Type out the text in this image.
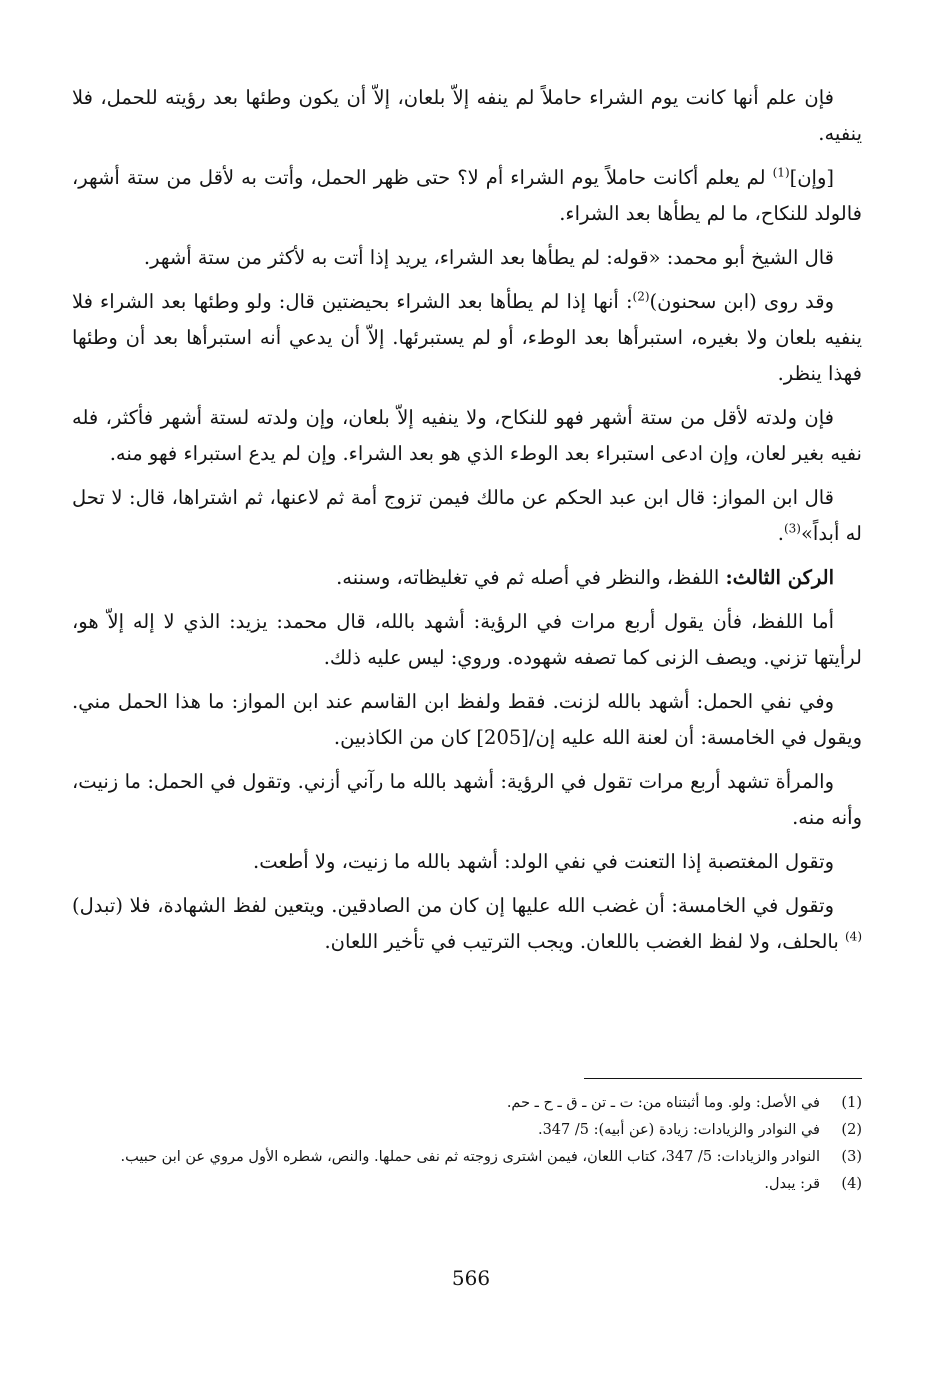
فإن علم أنها كانت يوم الشراء حاملاً لم ينفه إلاّ بلعان، إلاّ أن يكون وطئها بعد رؤيته للحمل، فلا ينفيه.

[وإن]$^{(1)}$ لم يعلم أكانت حاملاً يوم الشراء أم لا؟ حتى ظهر الحمل، وأتت به لأقل من ستة أشهر، فالولد للنكاح، ما لم يطأها بعد الشراء.

قال الشيخ أبو محمد: «قوله: لم يطأها بعد الشراء، يريد إذا أتت به لأكثر من ستة أشهر.

وقد روى (ابن سحنون)$^{(2)}$: أنها إذا لم يطأها بعد الشراء بحيضتين قال: ولو وطئها بعد الشراء فلا ينفيه بلعان ولا بغيره، استبرأها بعد الوطء، أو لم يستبرئها. إلاّ أن يدعي أنه استبرأها بعد أن وطئها فهذا ينظر.

فإن ولدته لأقل من ستة أشهر فهو للنكاح، ولا ينفيه إلاّ بلعان، وإن ولدته لستة أشهر فأكثر، فله نفيه بغير لعان، وإن ادعى استبراء بعد الوطء الذي هو بعد الشراء. وإن لم يدع استبراء فهو منه.

قال ابن المواز: قال ابن عبد الحكم عن مالك فيمن تزوج أمة ثم لاعنها، ثم اشتراها، قال: لا تحل له أبداً»$^{(3)}$.

الركن الثالث: اللفظ، والنظر في أصله ثم في تغليظاته، وسننه.

أما اللفظ، فأن يقول أربع مرات في الرؤية: أشهد بالله، قال محمد: يزيد: الذي لا إله إلاّ هو، لرأيتها تزني. ويصف الزنى كما تصفه شهوده. وروي: ليس عليه ذلك.

وفي نفي الحمل: أشهد بالله لزنت. فقط ولفظ ابن القاسم عند ابن المواز: ما هذا الحمل مني. ويقول في الخامسة: أن لعنة الله عليه إن/[205] كان من الكاذبين.

والمرأة تشهد أربع مرات تقول في الرؤية: أشهد بالله ما رآني أزني. وتقول في الحمل: ما زنيت، وأنه منه.

وتقول المغتصبة إذا التعنت في نفي الولد: أشهد بالله ما زنيت، ولا أطعت.

وتقول في الخامسة: أن غضب الله عليها إن كان من الصادقين. ويتعين لفظ الشهادة، فلا (تبدل)$^{(4)}$ بالحلف، ولا لفظ الغضب باللعان. ويجب الترتيب في تأخير اللعان.

(1)
في الأصل: ولو. وما أثبتناه من: ت ـ تن ـ ق ـ ح ـ حم.
(2)
في النوادر والزيادات: زيادة (عن أبيه): 5/ 347.
(3)
النوادر والزيادات: 5/ 347، كتاب اللعان، فيمن اشترى زوجته ثم نفى حملها. والنص، شطره الأول مروي عن ابن حبيب.
(4)
قر: يبدل.
566
